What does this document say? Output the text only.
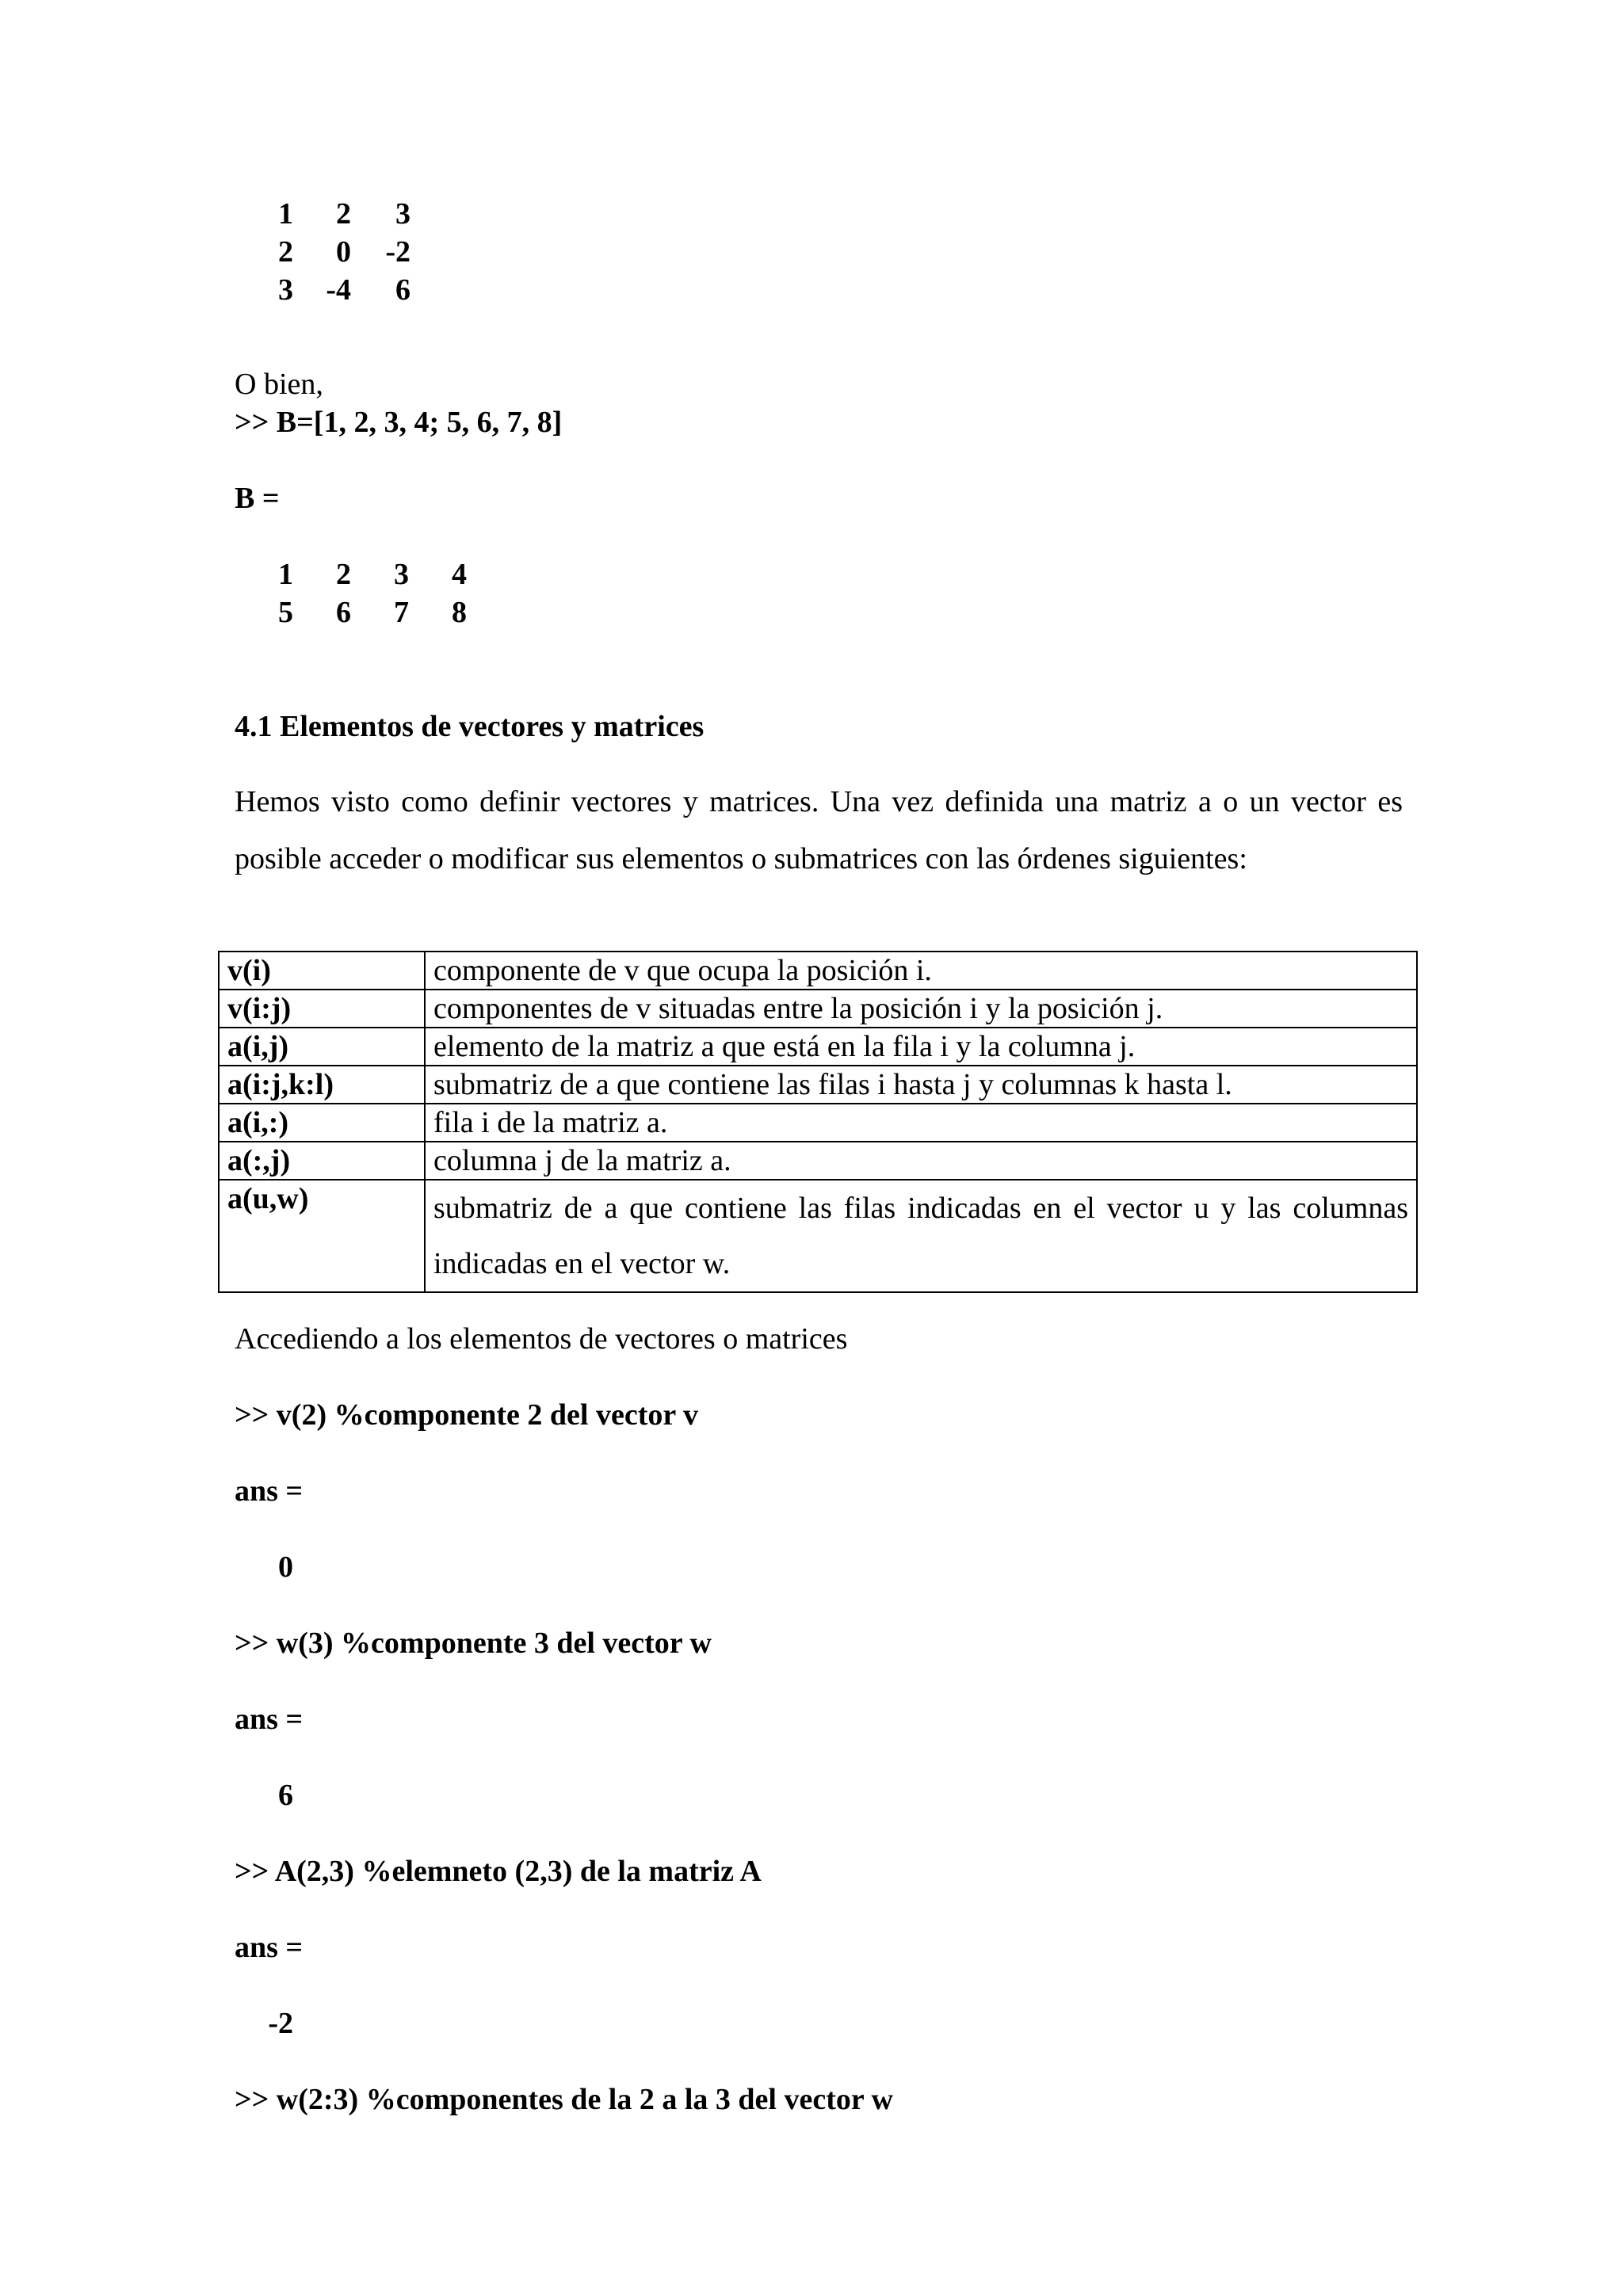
1	2	3
2	0	-2
3	-4	6

O bien,

>> B=[1, 2, 3, 4; 5, 6, 7, 8]

B =

1	2	3	4
5	6	7	8

4.1 Elementos de vectores y matrices

Hemos visto como definir vectores y matrices. Una vez definida una matriz a o un vector es posible acceder o modificar sus elementos o submatrices con las órdenes siguientes:

v(i)	componente de v que ocupa la posición i.
v(i:j)	componentes de v situadas entre la posición i y la posición j.
a(i,j)	elemento de la matriz a que está en la fila i y la columna j.
a(i:j,k:l)	submatriz de a que contiene las filas i hasta j y columnas k hasta l.
a(i,:)	fila i de la matriz a.
a(:,j)	columna j de la matriz a.
a(u,w)	submatriz de a que contiene las filas indicadas en el vector u y las columnas indicadas en el vector w.

Accediendo a los elementos de vectores o matrices

>> v(2) %componente 2 del vector v

ans =

0

>> w(3) %componente 3 del vector w

ans =

6

>> A(2,3) %elemneto (2,3) de la matriz A

ans =

-2

>> w(2:3) %componentes de la 2 a la 3 del vector w
